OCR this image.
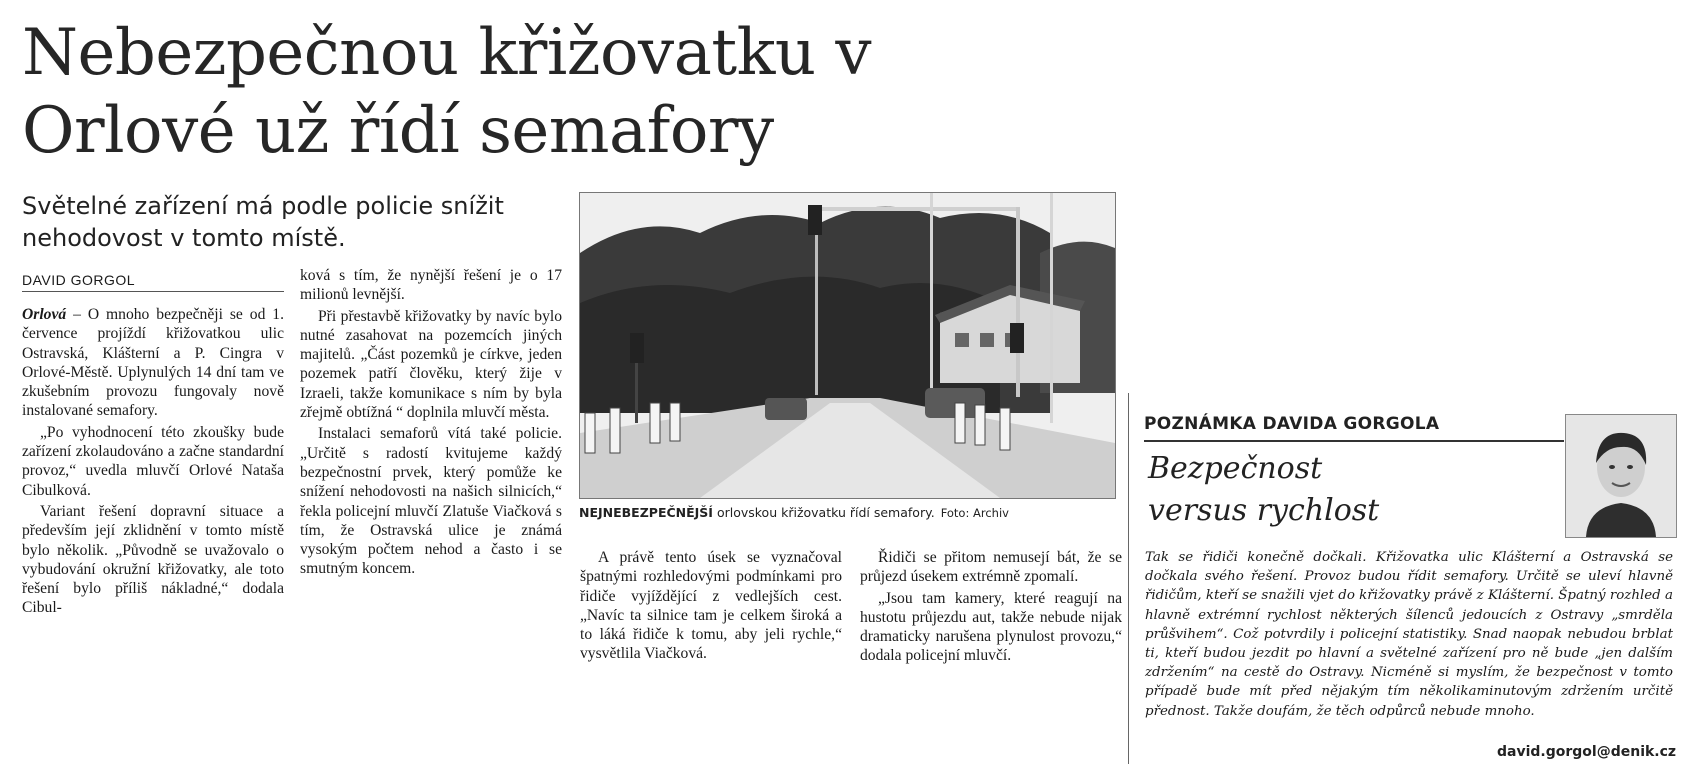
Nebezpečnou křižovatku v Orlové už řídí semafory
Světelné zařízení má podle policie snížit nehodovost v tomto místě.
DAVID GORGOL

Orlová – O mnoho bezpečněji se od 1. července projíždí křižovatkou ulic Ostravská, Klášterní a P. Cingra v Orlové-Městě. Uplynulých 14 dní tam ve zkušebním provozu fungovaly nově instalované semafory.

„Po vyhodnocení této zkoušky bude zařízení zkolaudováno a začne standardní provoz,“ uvedla mluvčí Orlové Nataša Cibulková.

Variant řešení dopravní situace a především její zklidnění v tomto místě bylo několik. „Původně se uvažovalo o vybudování okružní křižovatky, ale toto řešení bylo příliš nákladné,“ dodala Cibul-

ková s tím, že nynější řešení je o 17 milionů levnější.

Při přestavbě křižovatky by navíc bylo nutné zasahovat na pozemcích jiných majitelů. „Část pozemků je církve, jeden pozemek patří člověku, který žije v Izraeli, takže komunikace s ním by byla zřejmě obtížná “ doplnila mluvčí města.

Instalaci semaforů vítá také policie. „Určitě s radostí kvitujeme každý bezpečnostní prvek, který pomůže ke snížení nehodovosti na našich silnicích,“ řekla policejní mluvčí Zlatuše Viačková s tím, že Ostravská ulice je známá vysokým počtem nehod a často i se smutným koncem.

NEJNEBEZPEČNĚJŠÍ orlovskou křižovatku řídí semafory. Foto: Archiv

A právě tento úsek se vyznačoval špatnými rozhledovými podmínkami pro řidiče vyjíždějící z vedlejších cest. „Navíc ta silnice tam je celkem široká a to láká řidiče k tomu, aby jeli rychle,“ vysvětlila Viačková.

Řidiči se přitom nemusejí bát, že se průjezd úsekem extrémně zpomalí.

„Jsou tam kamery, které reagují na hustotu průjezdu aut, takže nebude nijak dramaticky narušena plynulost provozu,“ dodala policejní mluvčí.

POZNÁMKA DAVIDA GORGOLA
Bezpečnost
versus rychlost

Tak se řidiči konečně dočkali. Křižovatka ulic Klášterní a Ostravská se dočkala svého řešení. Provoz budou řídit semafory. Určitě se uleví hlavně řidičům, kteří se snažili vjet do křižovatky právě z Klášterní. Špatný rozhled a hlavně extrémní rychlost některých šílenců jedoucích z Ostravy „smrděla průšvihem“. Což potvrdily i policejní statistiky. Snad naopak nebudou brblat ti, kteří budou jezdit po hlavní a světelné zařízení pro ně bude „jen dalším zdržením“ na cestě do Ostravy. Nicméně si myslím, že bezpečnost v tomto případě bude mít před nějakým tím několikaminutovým zdržením určitě přednost. Takže doufám, že těch odpůrců nebude mnoho.

david.gorgol@denik.cz
